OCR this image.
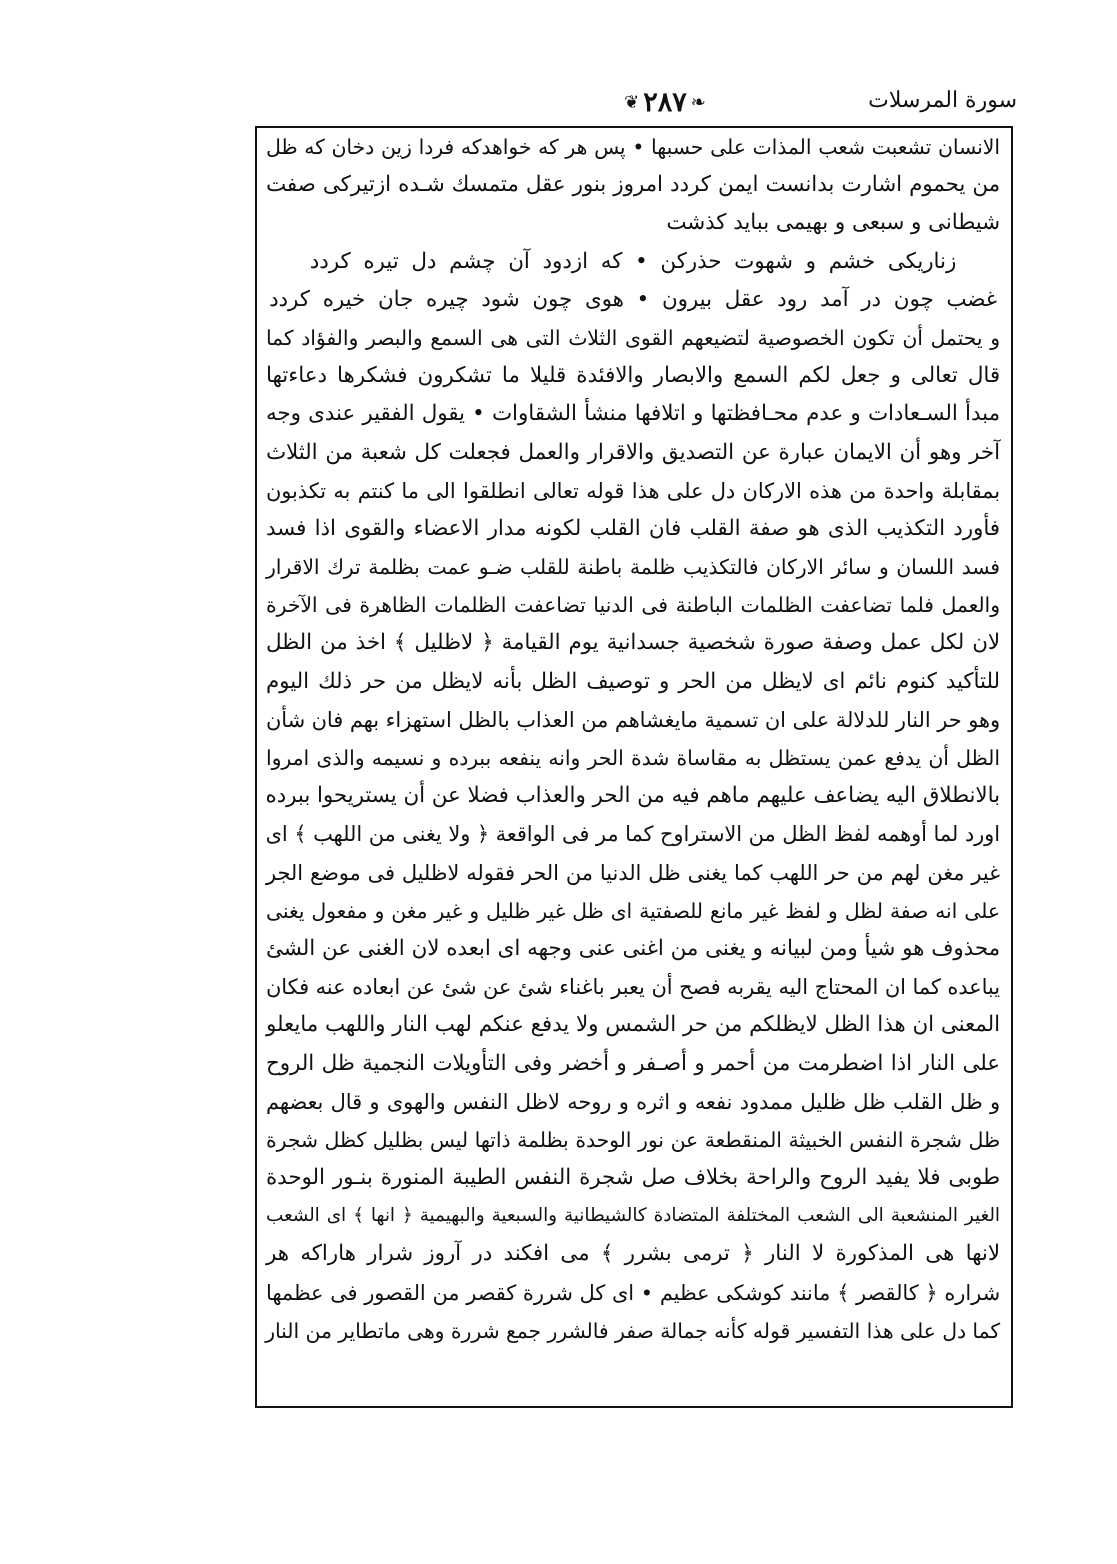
❦ ٢٨٧ ❧	سورة المرسلات
الانسان تشعبت شعب المذات على حسبها • پس هر كه خواهدكه فردا زين دخان كه ظل
من يحموم اشارت بدانست ايمن كردد امروز بنور عقل متمسك شـده ازتيركى صفت
شيطانى و سبعى و بهيمى ببايد كذشت
زناريكى خشم و شهوت حذركن • كه ازدود آن چشم دل تيره كردد
غضب چون در آمد رود عقل بيرون • هوى چون شود چيره جان خيره كردد
و يحتمل أن تكون الخصوصية لتضيعهم القوى الثلاث التى هى السمع والبصر والفؤاد كما
قال تعالى و جعل لكم السمع والابصار والافئدة قليلا ما تشكرون فشكرها دعاءتها
مبدأ السـعادات و عدم محـافظتها و اتلافها منشأ الشقاوات • يقول الفقير عندى وجه
آخر وهو أن الايمان عبارة عن التصديق والاقرار والعمل فجعلت كل شعبة من الثلاث
بمقابلة واحدة من هذه الاركان دل على هذا قوله تعالى انطلقوا الى ما كنتم به تكذبون
فأورد التكذيب الذى هو صفة القلب فان القلب لكونه مدار الاعضاء والقوى اذا فسد
فسد اللسان و سائر الاركان فالتكذيب ظلمة باطنة للقلب ضـو عمت بظلمة ترك الاقرار
والعمل فلما تضاعفت الظلمات الباطنة فى الدنيا تضاعفت الظلمات الظاهرة فى الآخرة
لان لكل عمل وصفة صورة شخصية جسدانية يوم القيامة ﴿ لاظليل ﴾ اخذ من الظل
للتأكيد كنوم نائم اى لايظل من الحر و توصيف الظل بأنه لايظل من حر ذلك اليوم
وهو حر النار للدلالة على ان تسمية مايغشاهم من العذاب بالظل استهزاء بهم فان شأن
الظل أن يدفع عمن يستظل به مقاساة شدة الحر وانه ينفعه ببرده و نسيمه والذى امروا
بالانطلاق اليه يضاعف عليهم ماهم فيه من الحر والعذاب فضلا عن أن يستريحوا ببرده
اورد لما أوهمه لفظ الظل من الاستراوح كما مر فى الواقعة ﴿ ولا يغنى من اللهب ﴾ اى
غير مغن لهم من حر اللهب كما يغنى ظل الدنيا من الحر فقوله لاظليل فى موضع الجر
على انه صفة لظل و لفظ غير مانع للصفتية اى ظل غير ظليل و غير مغن و مفعول يغنى
محذوف هو شيأ ومن لبيانه و يغنى من اغنى عنى وجهه اى ابعده لان الغنى عن الشئ
يباعده كما ان المحتاج اليه يقربه فصح أن يعبر باغناء شئ عن شئ عن ابعاده عنه فكان
المعنى ان هذا الظل لايظلكم من حر الشمس ولا يدفع عنكم لهب النار واللهب مايعلو
على النار اذا اضطرمت من أحمر و أصـفر و أخضر وفى التأويلات النجمية ظل الروح
و ظل القلب ظل ظليل ممدود نفعه و اثره و روحه لاظل النفس والهوى و قال بعضهم
ظل شجرة النفس الخبيثة المنقطعة عن نور الوحدة بظلمة ذاتها ليس بظليل كظل شجرة
طوبى فلا يفيد الروح والراحة بخلاف صل شجرة النفس الطيبة المنورة بنـور الوحدة
الغير المنشعبة الى الشعب المختلفة المتضادة كالشيطانية والسبعية والبهيمية ﴿ انها ﴾ اى الشعب
لانها هى المذكورة لا النار ﴿ ترمى بشرر ﴾ مى افكند در آروز شرار هاراكه هر
شراره ﴿ كالقصر ﴾ مانند كوشكى عظيم • اى كل شررة كقصر من القصور فى عظمها
كما دل على هذا التفسير قوله كأنه جمالة صفر فالشرر جمع شررة وهى ماتطاير من النار
